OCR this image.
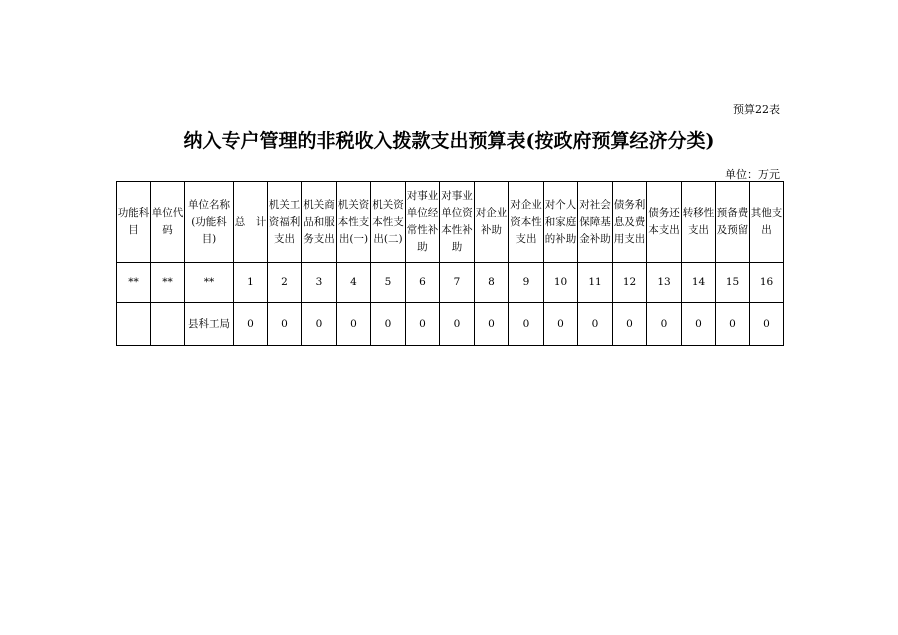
预算22表
纳入专户管理的非税收入拨款支出预算表(按政府预算经济分类)
单位：万元
功能科目	单位代码	单位名称(功能科目)	总　计	机关工资福利支出	机关商品和服务支出	机关资本性支出(一)	机关资本性支出(二)	对事业单位经常性补助	对事业单位资本性补助	对企业补助	对企业资本性支出	对个人和家庭的补助	对社会保障基金补助	债务利息及费用支出	债务还本支出	转移性支出	预备费及预留	其他支出
**	**	**	1	2	3	4	5	6	7	8	9	10	11	12	13	14	15	16
		县科工局	0	0	0	0	0	0	0	0	0	0	0	0	0	0	0	0
